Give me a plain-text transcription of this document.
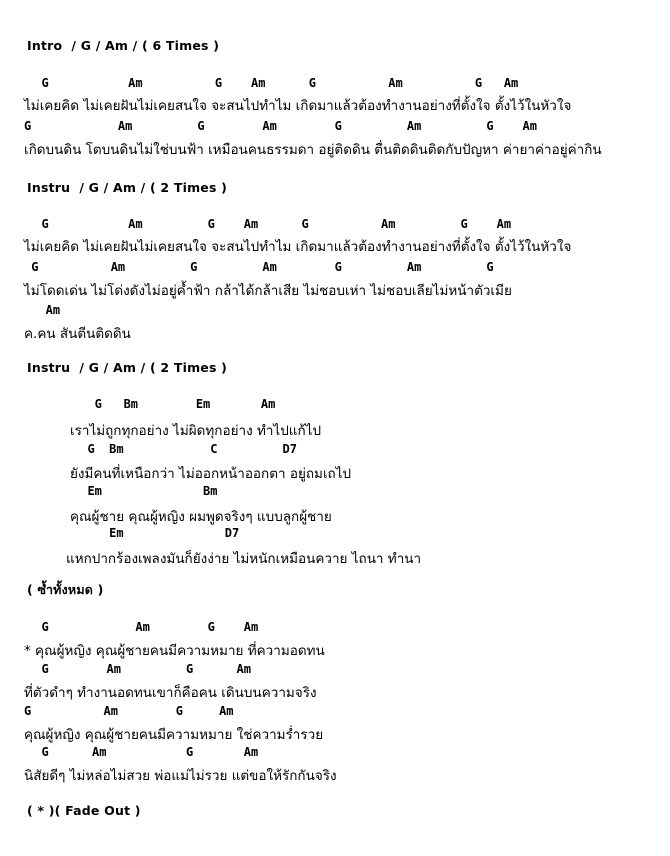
Intro  / G / Am / ( 6 Times )
G           Am          G    Am      G          Am          G   Am
ไม่เคยคิด ไม่เคยฝันไม่เคยสนใจ จะสนไปทำไม เกิดมาแล้วต้องทำงานอย่างที่ตั้งใจ ตั้งไว้ในหัวใจ
G            Am         G        Am        G         Am         G    Am
เกิดบนดิน โตบนดินไม่ใช่บนฟ้า เหมือนคนธรรมดา อยู่ติดดิน ตื่นติดดินติดกับปัญหา ค่ายาค่าอยู่ค่ากิน
Instru  / G / Am / ( 2 Times )
G           Am         G    Am      G          Am         G    Am
ไม่เคยคิด ไม่เคยฝันไม่เคยสนใจ จะสนไปทำไม เกิดมาแล้วต้องทำงานอย่างที่ตั้งใจ ตั้งไว้ในหัวใจ
G          Am         G         Am        G         Am         G
ไม่โดดเด่น ไม่โด่งดังไม่อยู่ค้ำฟ้า กล้าได้กล้าเสีย ไม่ชอบเห่า ไม่ชอบเลียไม่หน้าตัวเมีย
Am
ค.คน สันตีนติดดิน
Instru  / G / Am / ( 2 Times )
G   Bm        Em       Am
เราไม่ถูกทุกอย่าง ไม่ผิดทุกอย่าง ทำไปแก้ไป
G  Bm            C         D7
ยังมีคนที่เหนือกว่า ไม่ออกหน้าออกตา อยู่ถมเถไป
Em              Bm
คุณผู้ชาย คุณผู้หญิง ผมพูดจริงๆ แบบลูกผู้ชาย
Em              D7
แหกปากร้องเพลงมันก็ยังง่าย ไม่หนักเหมือนควาย ไถนา ทำนา
( ซ้ำทั้งหมด )
G            Am        G    Am
* คุณผู้หญิง คุณผู้ชายคนมีความหมาย ที่ความอดทน
G        Am         G      Am
ที่ตัวดำๆ ทำงานอดทนเขาก็คือคน เดินบนความจริง
G          Am        G     Am
คุณผู้หญิง คุณผู้ชายคนมีความหมาย ใช่ความร่ำรวย
G      Am           G       Am
นิสัยดีๆ ไม่หล่อไม่สวย พ่อแม่ไม่รวย แต่ขอให้รักกันจริง
( * )( Fade Out )
